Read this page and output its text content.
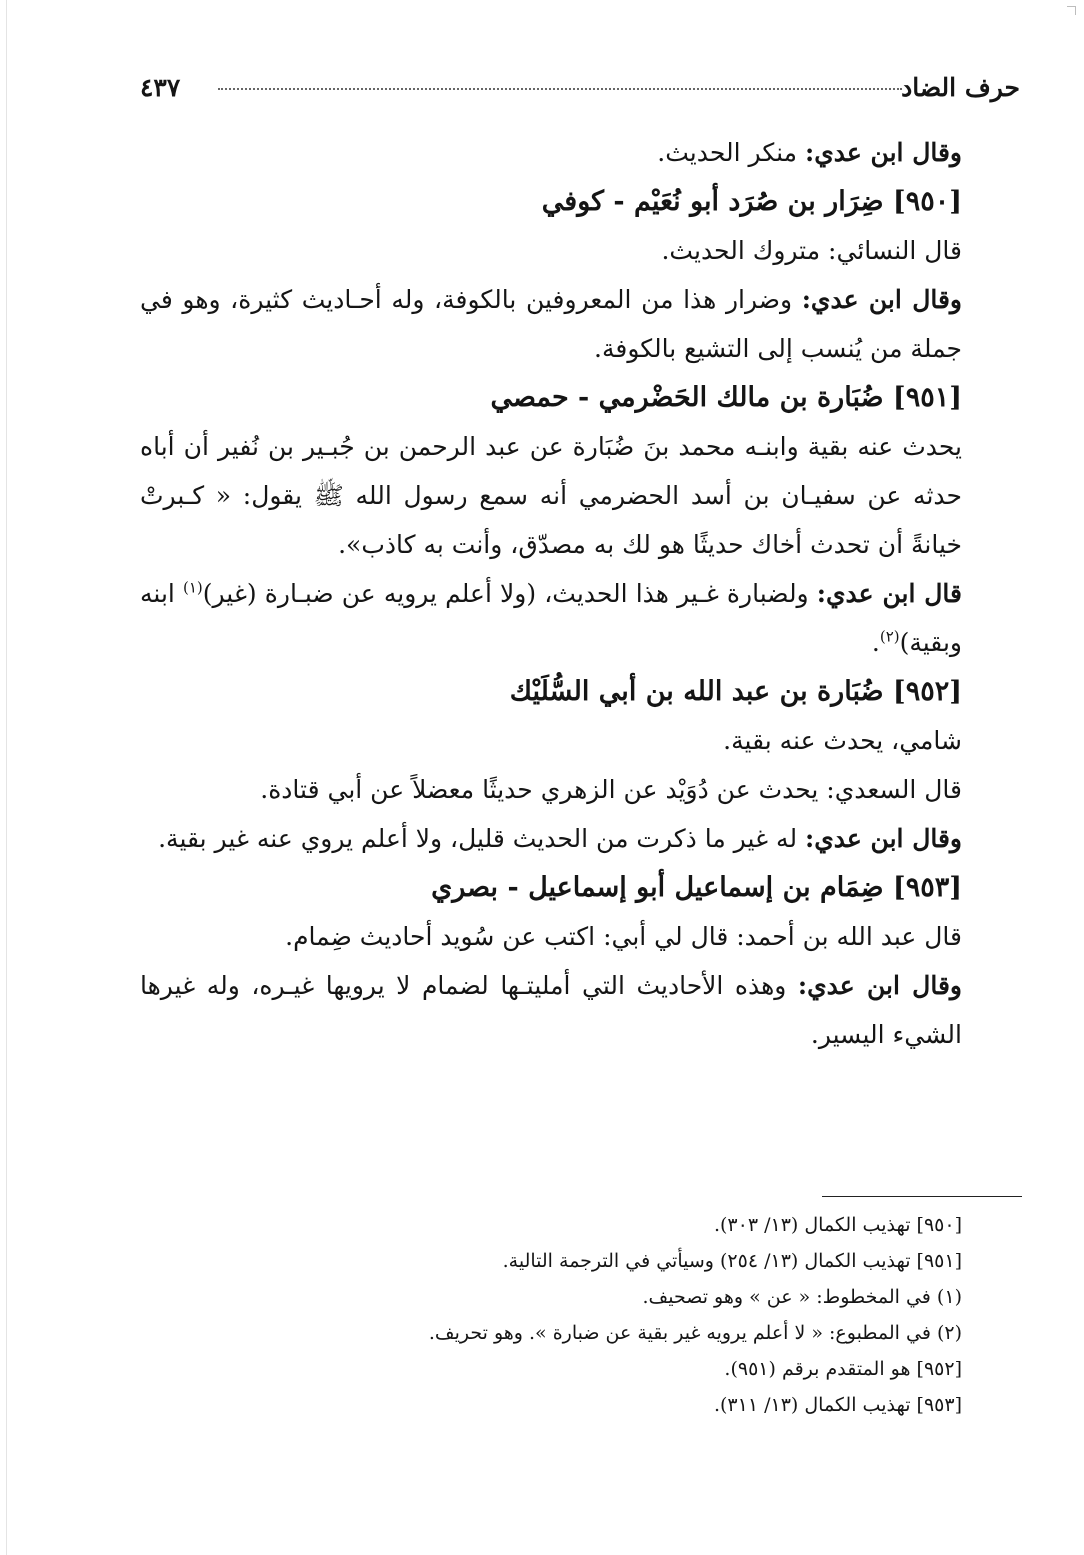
حرف الضاد
٤٣٧

وقال ابن عدي: منكر الحديث.

[٩٥٠] ضِرَار بن صُرَد أبو نُعَيْم - كوفي

قال النسائي: متروك الحديث.

وقال ابن عدي: وضرار هذا من المعروفين بالكوفة، وله أحـاديث كثيرة، وهو في جملة من يُنسب إلى التشيع بالكوفة.

[٩٥١] ضُبَارة بن مالك الحَضْرمي - حمصي

يحدث عنه بقية وابنـه محمد بنَ ضُبَارة عن عبد الرحمن بن جُبـير بن نُفير أن أباه حدثه عن سفيـان بن أسد الحضرمي أنه سمع رسول الله ﷺ يقول: « كـبرتْ خيانةً أن تحدث أخاك حديثًا هو لك به مصدّق، وأنت به كاذب».

قال ابن عدي: ولضبارة غـير هذا الحديث، (ولا أعلم يرويه عن ضبـارة (غير)$^{(١)}$ ابنه وبقية)$^{(٢)}$.

[٩٥٢] ضُبَارة بن عبد الله بن أبي السُّلَيْك

شامي، يحدث عنه بقية.

قال السعدي: يحدث عن دُوَيْد عن الزهري حديثًا معضلاً عن أبي قتادة.

وقال ابن عدي: له غير ما ذكرت من الحديث قليل، ولا أعلم يروي عنه غير بقية.

[٩٥٣] ضِمَام بن إسماعيل أبو إسماعيل - بصري

قال عبد الله بن أحمد: قال لي أبي: اكتب عن سُويد أحاديث ضِمام.

وقال ابن عدي: وهذه الأحاديث التي أمليتـها لضمام لا يرويها غيـره، وله غيرها الشيء اليسير.

[٩٥٠] تهذيب الكمال (١٣/ ٣٠٣).

[٩٥١] تهذيب الكمال (١٣/ ٢٥٤) وسيأتي في الترجمة التالية.

(١) في المخطوط: « عن » وهو تصحيف.

(٢) في المطبوع: « لا أعلم يرويه غير بقية عن ضبارة ». وهو تحريف.

[٩٥٢] هو المتقدم برقم (٩٥١).

[٩٥٣] تهذيب الكمال (١٣/ ٣١١).
